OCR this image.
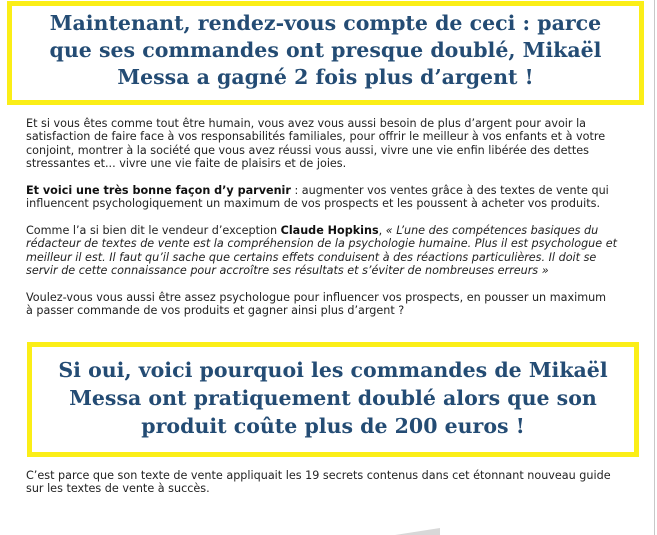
Maintenant, rendez-vous compte de ceci : parce
que ses commandes ont presque doublé, Mikaël
Messa a gagné 2 fois plus d’argent !
Et si vous êtes comme tout être humain, vous avez vous aussi besoin de plus d’argent pour avoir la
satisfaction de faire face à vos responsabilités familiales, pour offrir le meilleur à vos enfants et à votre
conjoint, montrer à la société que vous avez réussi vous aussi, vivre une vie enfin libérée des dettes
stressantes et... vivre une vie faite de plaisirs et de joies.
Et voici une très bonne façon d’y parvenir : augmenter vos ventes grâce à des textes de vente qui
influencent psychologiquement un maximum de vos prospects et les poussent à acheter vos produits.
Comme l’a si bien dit le vendeur d’exception Claude Hopkins, « L’une des compétences basiques du
rédacteur de textes de vente est la compréhension de la psychologie humaine. Plus il est psychologue et
meilleur il est. Il faut qu’il sache que certains effets conduisent à des réactions particulières. Il doit se
servir de cette connaissance pour accroître ses résultats et s’éviter de nombreuses erreurs »
Voulez-vous vous aussi être assez psychologue pour influencer vos prospects, en pousser un maximum
à passer commande de vos produits et gagner ainsi plus d’argent ?
Si oui, voici pourquoi les commandes de Mikaël
Messa ont pratiquement doublé alors que son
produit coûte plus de 200 euros !
C’est parce que son texte de vente appliquait les 19 secrets contenus dans cet étonnant nouveau guide
sur les textes de vente à succès.
